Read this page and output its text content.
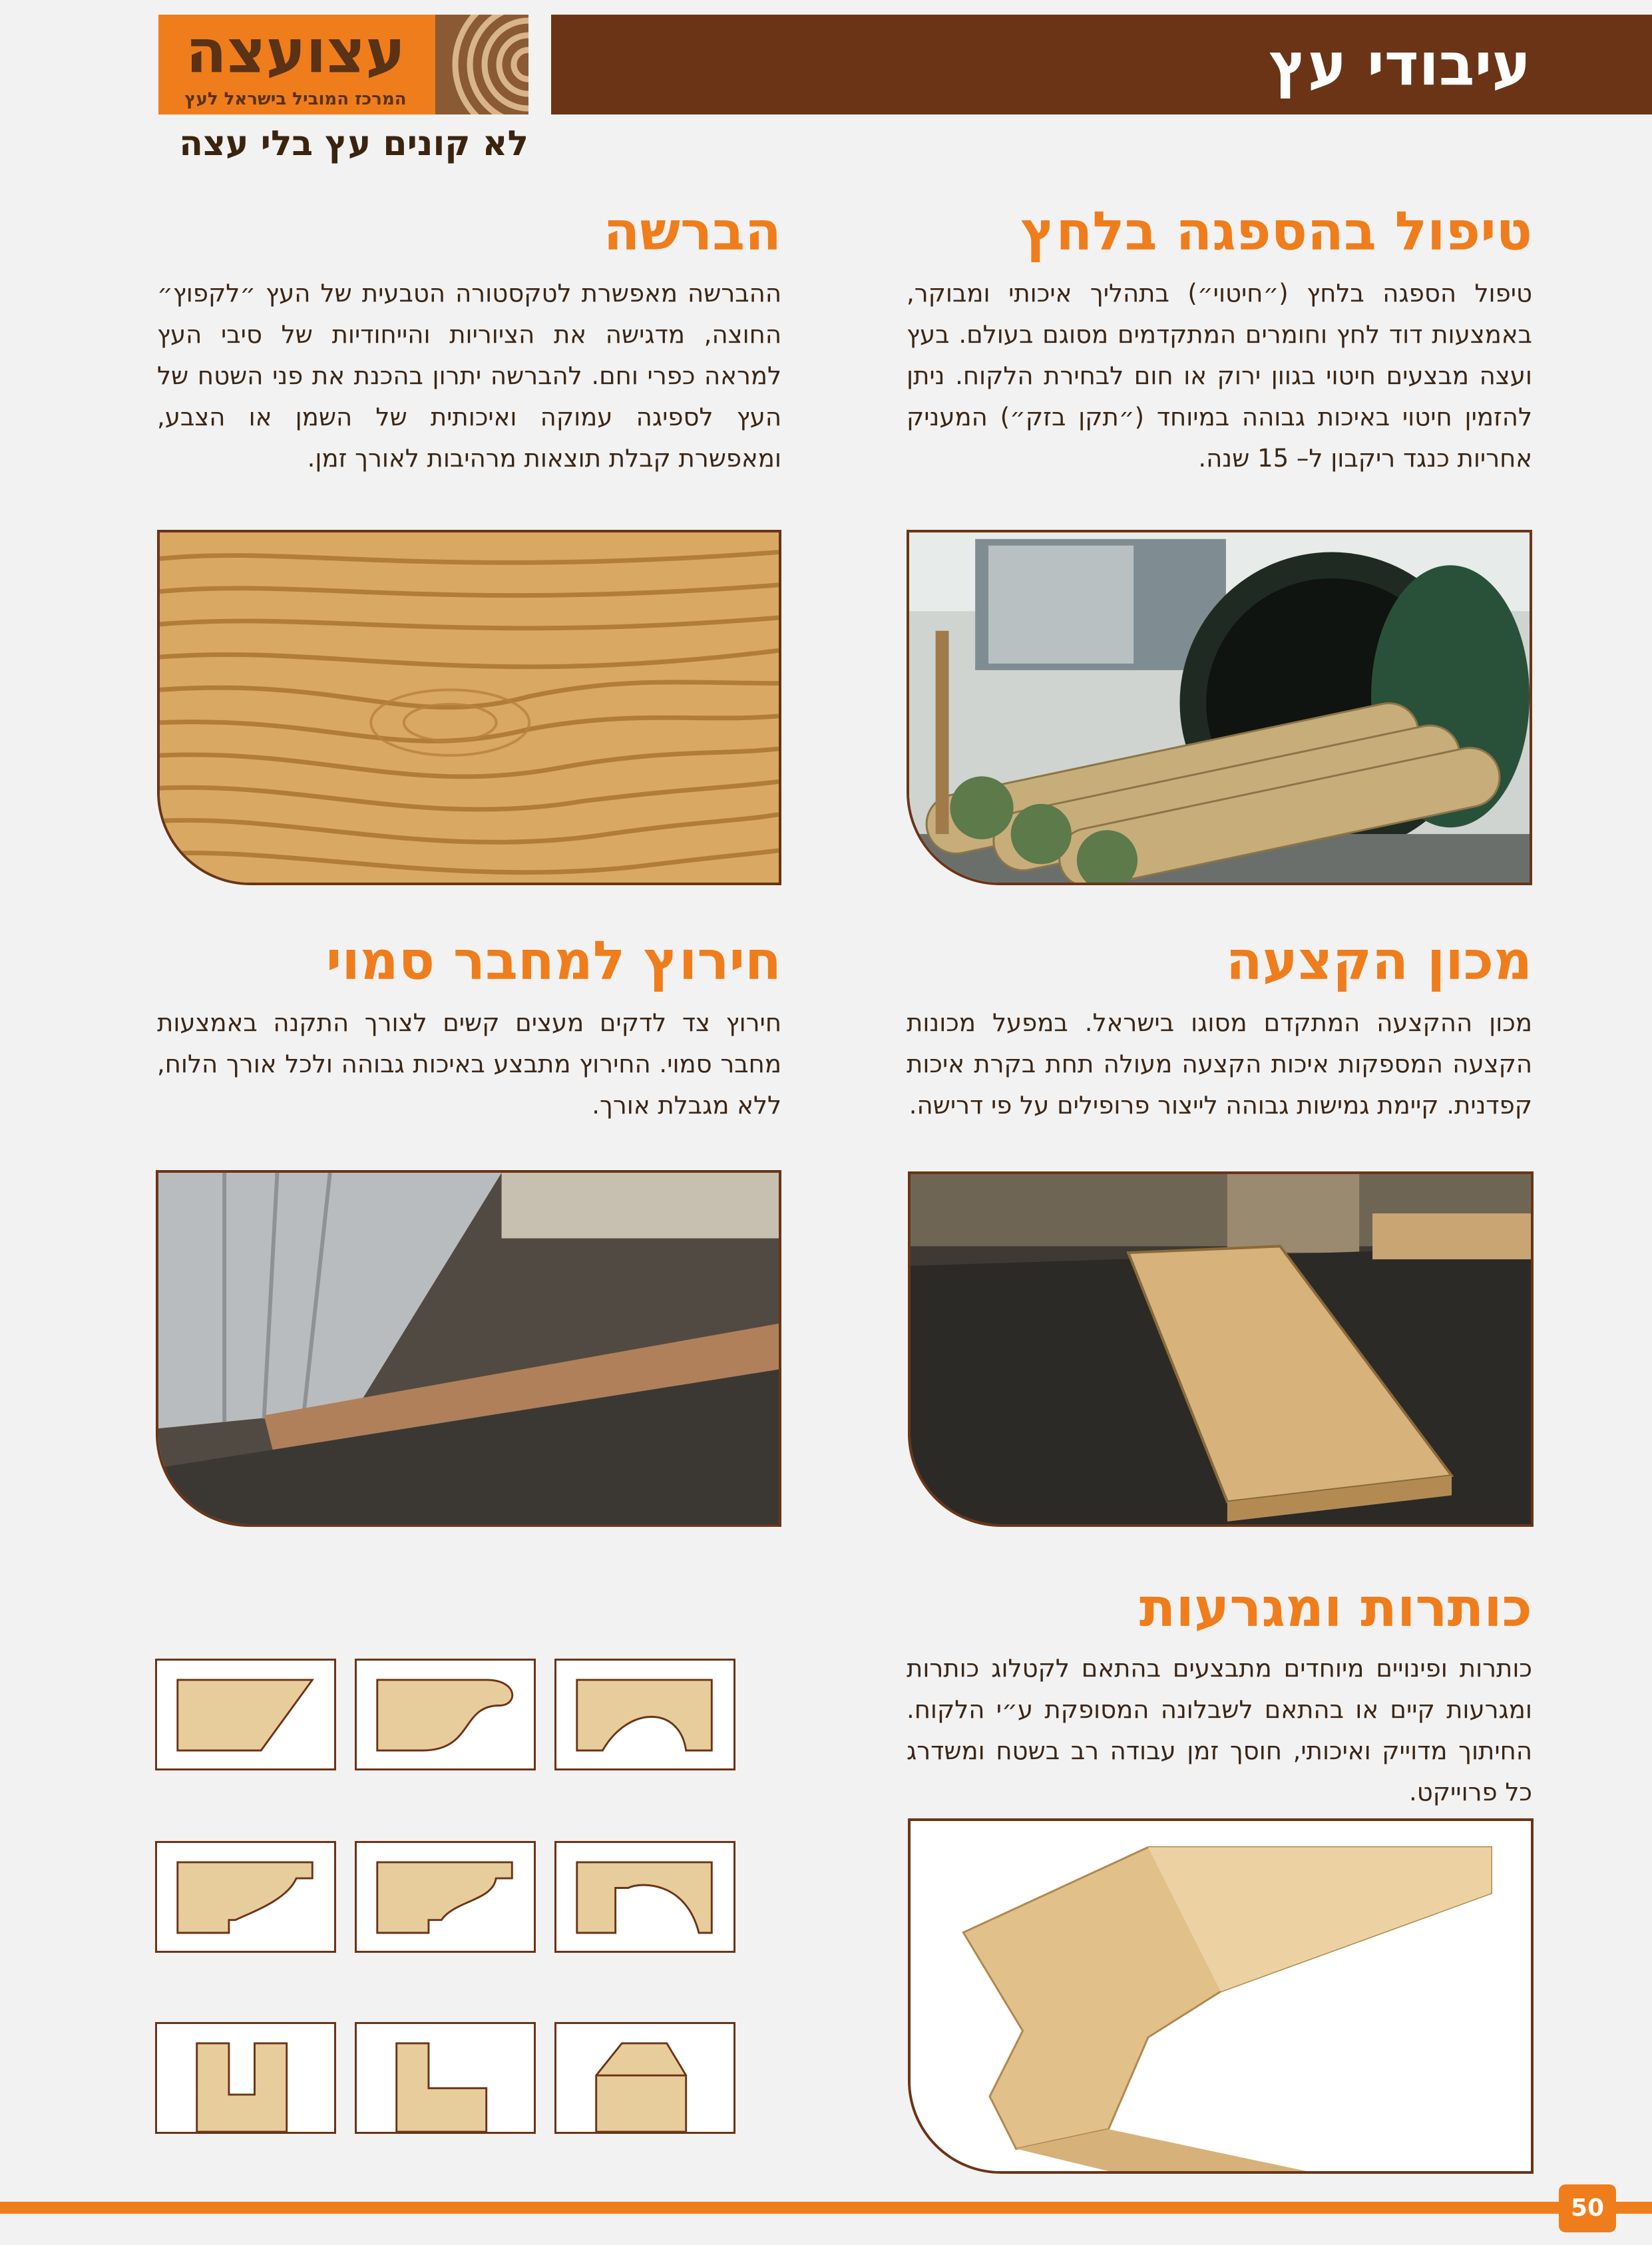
עצועצה
המרכז המוביל בישראל לעץ
לא קונים עץ בלי עצה
עיבודי עץ
טיפול בהספגה בלחץ
טיפול הספגה בלחץ (״חיטוי״) בתהליך איכותי ומבוקר, באמצעות דוד לחץ וחומרים המתקדמים מסוגם בעולם. בעץ ועצה מבצעים חיטוי בגוון ירוק או חום לבחירת הלקוח. ניתן להזמין חיטוי באיכות גבוהה במיוחד (״תקן בזק״) המעניק אחריות כנגד ריקבון ל– 15 שנה.
הברשה
ההברשה מאפשרת לטקסטורה הטבעית של העץ ״לקפוץ״ החוצה, מדגישה את הציוריות והייחודיות של סיבי העץ למראה כפרי וחם. להברשה יתרון בהכנת את פני השטח של העץ לספיגה עמוקה ואיכותית של השמן או הצבע, ומאפשרת קבלת תוצאות מרהיבות לאורך זמן.
מכון הקצעה
מכון ההקצעה המתקדם מסוגו בישראל. במפעל מכונות הקצעה המספקות איכות הקצעה מעולה תחת בקרת איכות קפדנית. קיימת גמישות גבוהה לייצור פרופילים על פי דרישה.
חירוץ למחבר סמוי
חירוץ צד לדקים מעצים קשים לצורך התקנה באמצעות מחבר סמוי. החירוץ מתבצע באיכות גבוהה ולכל אורך הלוח, ללא מגבלת אורך.
כותרות ומגרעות
כותרות ופינויים מיוחדים מתבצעים בהתאם לקטלוג כותרות ומגרעות קיים או בהתאם לשבלונה המסופקת ע״י הלקוח. החיתוך מדוייק ואיכותי, חוסך זמן עבודה רב בשטח ומשדרג כל פרוייקט.
50
